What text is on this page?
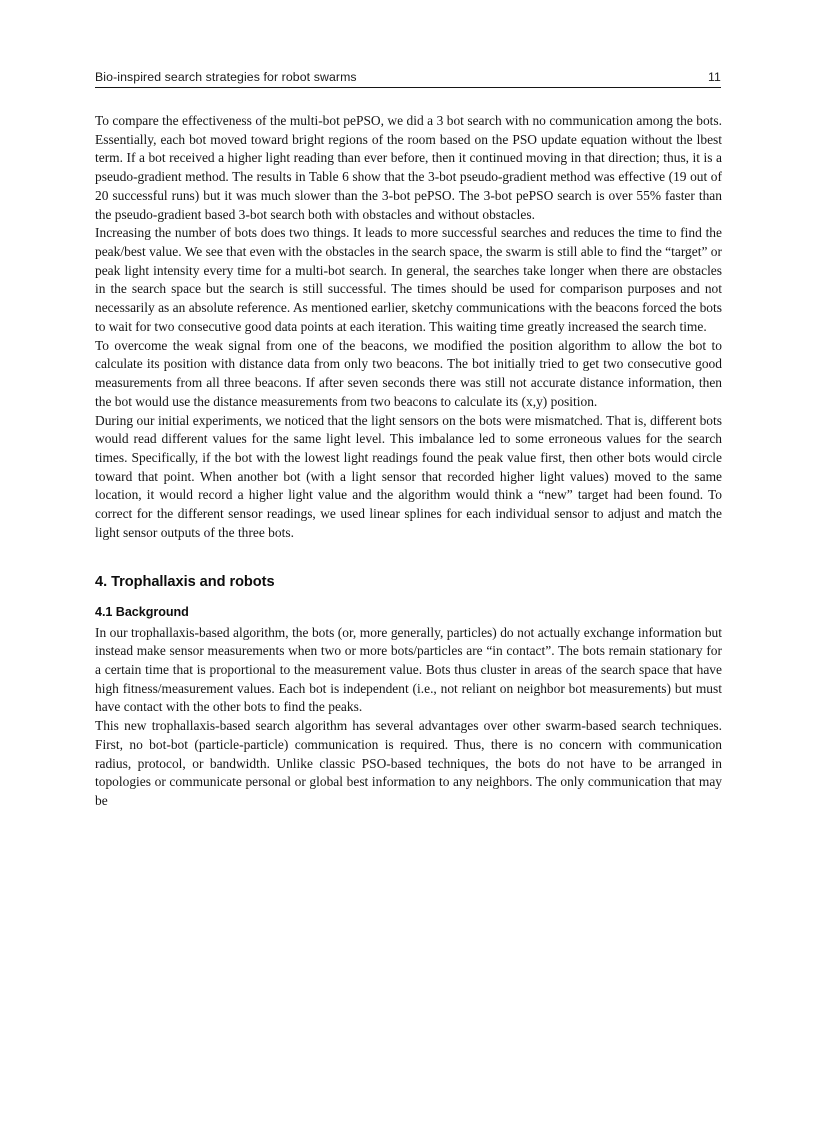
Bio-inspired search strategies for robot swarms	11

To compare the effectiveness of the multi-bot pePSO, we did a 3 bot search with no communication among the bots. Essentially, each bot moved toward bright regions of the room based on the PSO update equation without the lbest term. If a bot received a higher light reading than ever before, then it continued moving in that direction; thus, it is a pseudo-gradient method. The results in Table 6 show that the 3-bot pseudo-gradient method was effective (19 out of 20 successful runs) but it was much slower than the 3-bot pePSO. The 3-bot pePSO search is over 55% faster than the pseudo-gradient based 3-bot search both with obstacles and without obstacles.

Increasing the number of bots does two things. It leads to more successful searches and reduces the time to find the peak/best value. We see that even with the obstacles in the search space, the swarm is still able to find the “target” or peak light intensity every time for a multi-bot search. In general, the searches take longer when there are obstacles in the search space but the search is still successful. The times should be used for comparison purposes and not necessarily as an absolute reference. As mentioned earlier, sketchy communications with the beacons forced the bots to wait for two consecutive good data points at each iteration. This waiting time greatly increased the search time.

To overcome the weak signal from one of the beacons, we modified the position algorithm to allow the bot to calculate its position with distance data from only two beacons. The bot initially tried to get two consecutive good measurements from all three beacons. If after seven seconds there was still not accurate distance information, then the bot would use the distance measurements from two beacons to calculate its (x,y) position.

During our initial experiments, we noticed that the light sensors on the bots were mismatched. That is, different bots would read different values for the same light level. This imbalance led to some erroneous values for the search times. Specifically, if the bot with the lowest light readings found the peak value first, then other bots would circle toward that point. When another bot (with a light sensor that recorded higher light values) moved to the same location, it would record a higher light value and the algorithm would think a “new” target had been found. To correct for the different sensor readings, we used linear splines for each individual sensor to adjust and match the light sensor outputs of the three bots.

4. Trophallaxis and robots
4.1 Background

In our trophallaxis-based algorithm, the bots (or, more generally, particles) do not actually exchange information but instead make sensor measurements when two or more bots/particles are “in contact”. The bots remain stationary for a certain time that is proportional to the measurement value. Bots thus cluster in areas of the search space that have high fitness/measurement values. Each bot is independent (i.e., not reliant on neighbor bot measurements) but must have contact with the other bots to find the peaks.

This new trophallaxis-based search algorithm has several advantages over other swarm-based search techniques. First, no bot-bot (particle-particle) communication is required. Thus, there is no concern with communication radius, protocol, or bandwidth. Unlike classic PSO-based techniques, the bots do not have to be arranged in topologies or communicate personal or global best information to any neighbors. The only communication that may be
